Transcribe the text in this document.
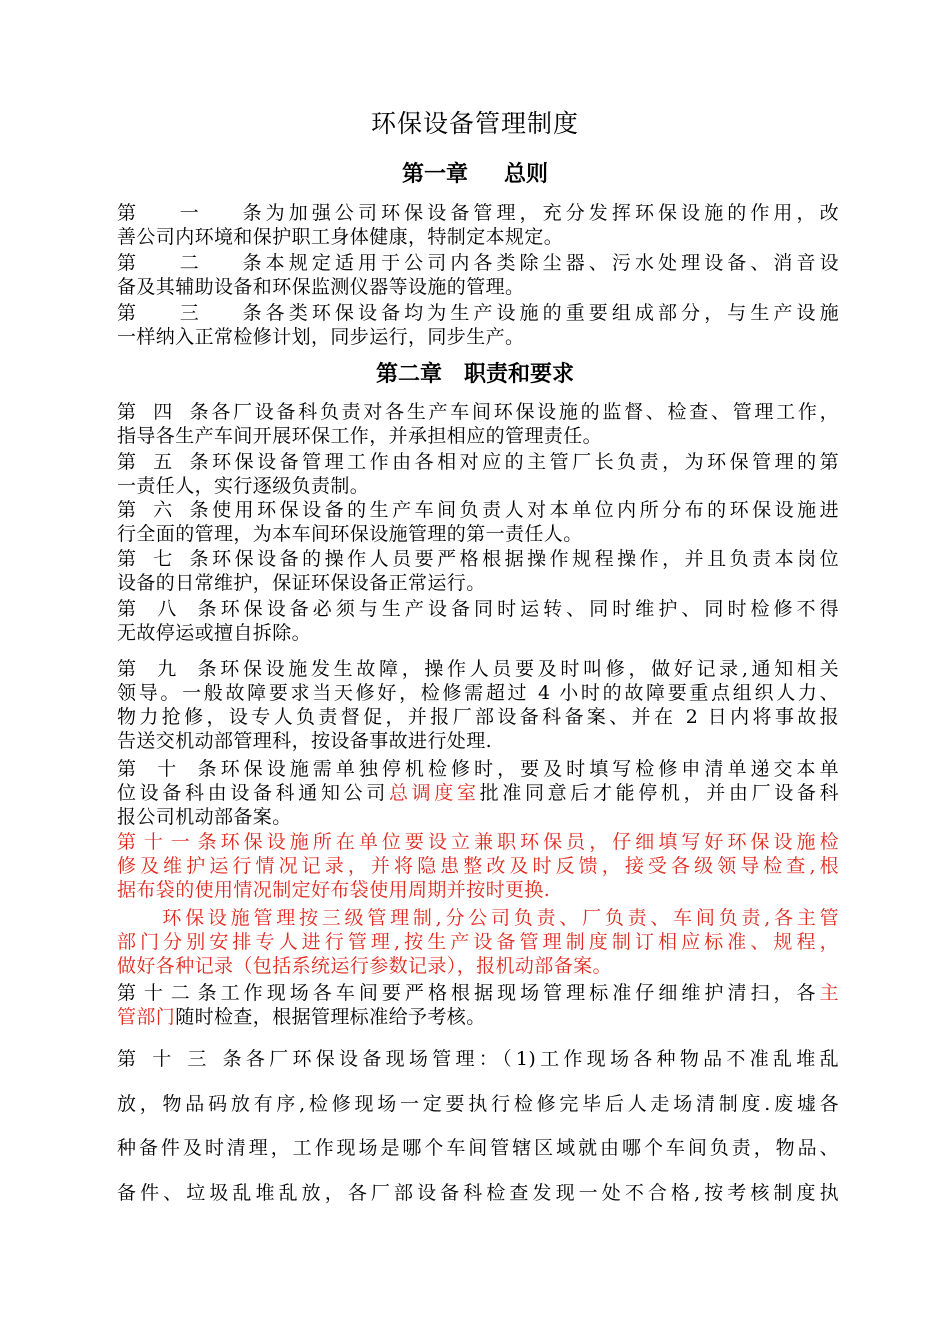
环保设备管理制度
第一章 总则
第一条为加强公司环保设备管理，充分发挥环保设施的作用，改
善公司内环境和保护职工身体健康，特制定本规定。
第二条本规定适用于公司内各类除尘器、污水处理设备、消音设
备及其辅助设备和环保监测仪器等设施的管理。
第三条各类环保设备均为生产设施的重要组成部分，与生产设施
一样纳入正常检修计划，同步运行，同步生产。
第二章 职责和要求
第四条各厂设备科负责对各生产车间环保设施的监督、检查、管理工作，
指导各生产车间开展环保工作，并承担相应的管理责任。
第五条环保设备管理工作由各相对应的主管厂长负责，为环保管理的第
一责任人，实行逐级负责制。
第六条使用环保设备的生产车间负责人对本单位内所分布的环保设施进
行全面的管理，为本车间环保设施管理的第一责任人。
第七条环保设备的操作人员要严格根据操作规程操作，并且负责本岗位
设备的日常维护，保证环保设备正常运行。
第八条环保设备必须与生产设备同时运转、同时维护、同时检修不得
无故停运或擅自拆除。
第九条环保设施发生故障，操作人员要及时叫修，做好记录,通知相关
领导。一般故障要求当天修好，检修需超过 4 小时的故障要重点组织人力、
物力抢修，设专人负责督促，并报厂部设备科备案、并在 2 日内将事故报
告送交机动部管理科，按设备事故进行处理.
第十条环保设施需单独停机检修时，要及时填写检修申清单递交本单
位设备科由设备科通知公司总调度室批准同意后才能停机，并由厂设备科
报公司机动部备案。
第十一条环保设施所在单位要设立兼职环保员，仔细填写好环保设施检
修及维护运行情况记录，并将隐患整改及时反馈，接受各级领导检查,根
据布袋的使用情况制定好布袋使用周期并按时更换.
环保设施管理按三级管理制,分公司负责、厂负责、车间负责,各主管
部门分别安排专人进行管理,按生产设备管理制度制订相应标准、规程，
做好各种记录（包括系统运行参数记录），报机动部备案。
第十二条工作现场各车间要严格根据现场管理标准仔细维护清扫，各主
管部门随时检查，根据管理标准给予考核。
第十三条各厂环保设备现场管理：（1)工作现场各种物品不准乱堆乱
放，物品码放有序,检修现场一定要执行检修完毕后人走场清制度.废墟各
种备件及时清理，工作现场是哪个车间管辖区域就由哪个车间负责，物品、
备件、垃圾乱堆乱放，各厂部设备科检查发现一处不合格,按考核制度执
